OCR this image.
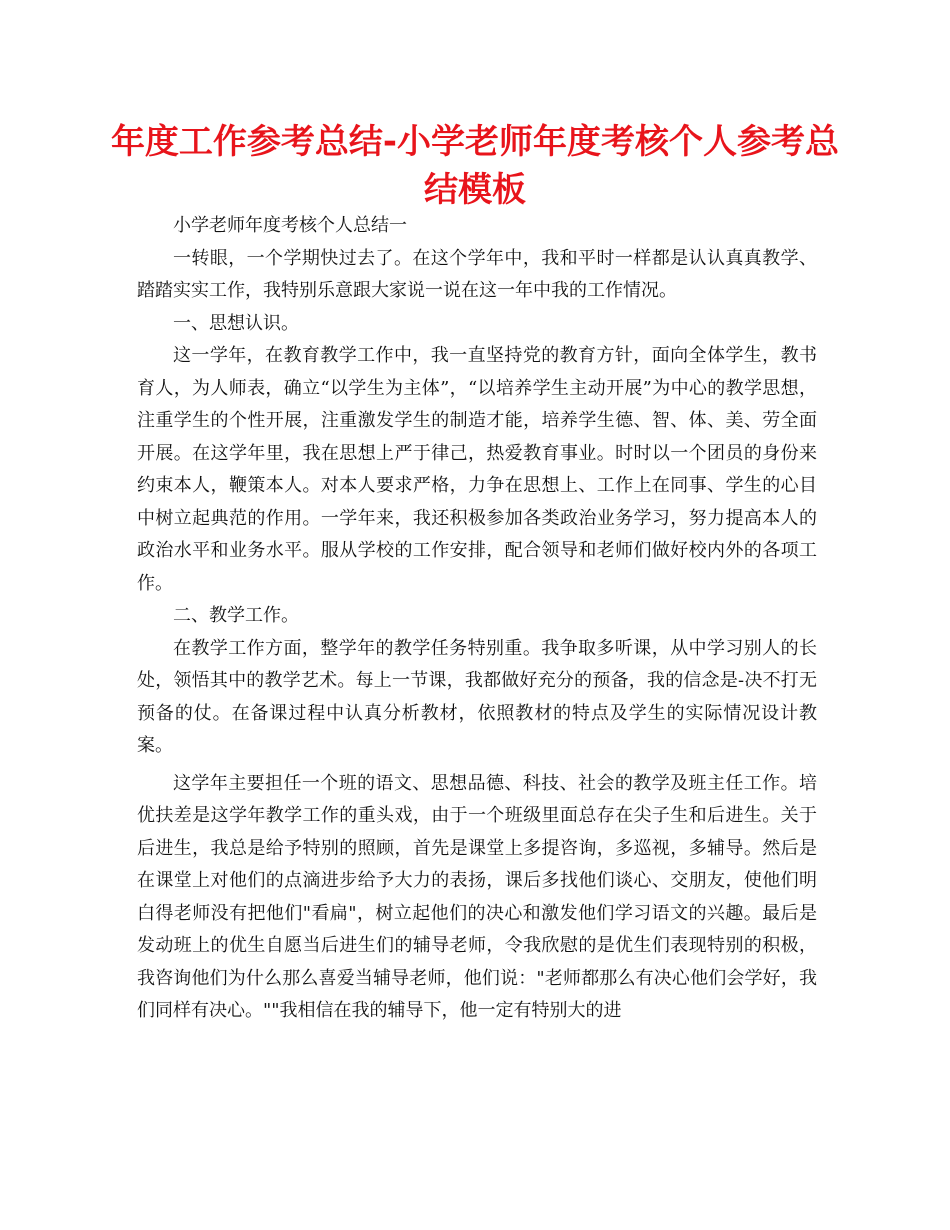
年度工作参考总结-小学老师年度考核个人参考总结模板

小学老师年度考核个人总结一

一转眼，一个学期快过去了。在这个学年中，我和平时一样都是认认真真教学、踏踏实实工作，我特别乐意跟大家说一说在这一年中我的工作情况。

一、思想认识。

这一学年，在教育教学工作中，我一直坚持党的教育方针，面向全体学生，教书育人，为人师表，确立“以学生为主体”，“以培养学生主动开展”为中心的教学思想，注重学生的个性开展，注重激发学生的制造才能，培养学生德、智、体、美、劳全面开展。在这学年里，我在思想上严于律己，热爱教育事业。时时以一个团员的身份来约束本人，鞭策本人。对本人要求严格，力争在思想上、工作上在同事、学生的心目中树立起典范的作用。一学年来，我还积极参加各类政治业务学习，努力提高本人的政治水平和业务水平。服从学校的工作安排，配合领导和老师们做好校内外的各项工作。

二、教学工作。

在教学工作方面，整学年的教学任务特别重。我争取多听课，从中学习别人的长处，领悟其中的教学艺术。每上一节课，我都做好充分的预备，我的信念是-决不打无预备的仗。在备课过程中认真分析教材，依照教材的特点及学生的实际情况设计教案。

这学年主要担任一个班的语文、思想品德、科技、社会的教学及班主任工作。培优扶差是这学年教学工作的重头戏，由于一个班级里面总存在尖子生和后进生。关于后进生，我总是给予特别的照顾，首先是课堂上多提咨询，多巡视，多辅导。然后是在课堂上对他们的点滴进步给予大力的表扬，课后多找他们谈心、交朋友，使他们明白得老师没有把他们"看扁"，树立起他们的决心和激发他们学习语文的兴趣。最后是发动班上的优生自愿当后进生们的辅导老师，令我欣慰的是优生们表现特别的积极，我咨询他们为什么那么喜爱当辅导老师，他们说："老师都那么有决心他们会学好，我们同样有决心。""我相信在我的辅导下，他一定有特别大的进
